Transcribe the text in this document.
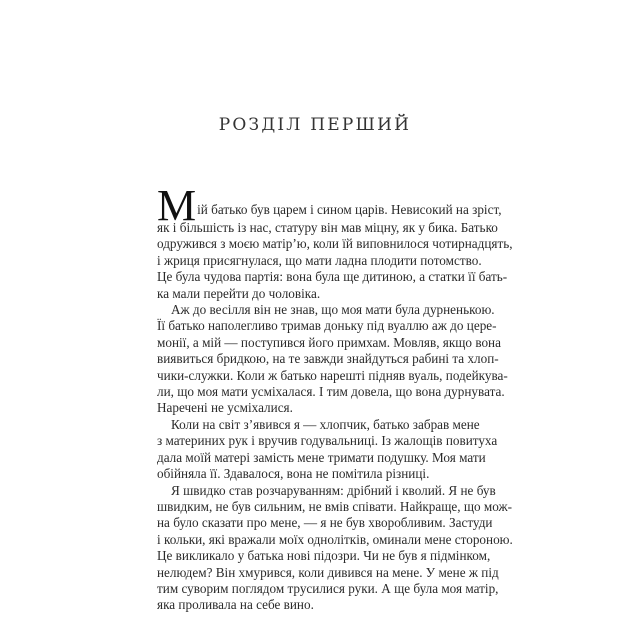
РОЗДІЛ ПЕРШИЙ
М ій батько був царем і сином царів. Невисокий на зріст,
як і більшість із нас, статуру він мав міцну, як у бика. Батько
одружився з моєю матір’ю, коли їй виповнилося чотирнадцять,
і жриця присягнулася, що мати ладна плодити потомство.
Це була чудова партія: вона була ще дитиною, а статки її бать-
ка мали перейти до чоловіка.
Аж до весілля він не знав, що моя мати була дурненькою.
Її батько наполегливо тримав доньку під вуаллю аж до цере-
монії, а мій — поступився його примхам. Мовляв, якщо вона
виявиться бридкою, на те завжди знайдуться рабині та хлоп-
чики-служки. Коли ж батько нарешті підняв вуаль, подейкува-
ли, що моя мати усміхалася. І тим довела, що вона дурнувата.
Наречені не усміхалися.
Коли на світ з’явився я — хлопчик, батько забрав мене
з материних рук і вручив годувальниці. Із жалощів повитуха
дала моїй матері замість мене тримати подушку. Моя мати
обійняла її. Здавалося, вона не помітила різниці.
Я швидко став розчаруванням: дрібний і кволий. Я не був
швидким, не був сильним, не вмів співати. Найкраще, що мож-
на було сказати про мене, — я не був хворобливим. Застуди
і кольки, які вражали моїх однолітків, оминали мене стороною.
Це викликало у батька нові підозри. Чи не був я підмінком,
нелюдем? Він хмурився, коли дивився на мене. У мене ж під
тим суворим поглядом трусилися руки. А ще була моя матір,
яка проливала на себе вино.
